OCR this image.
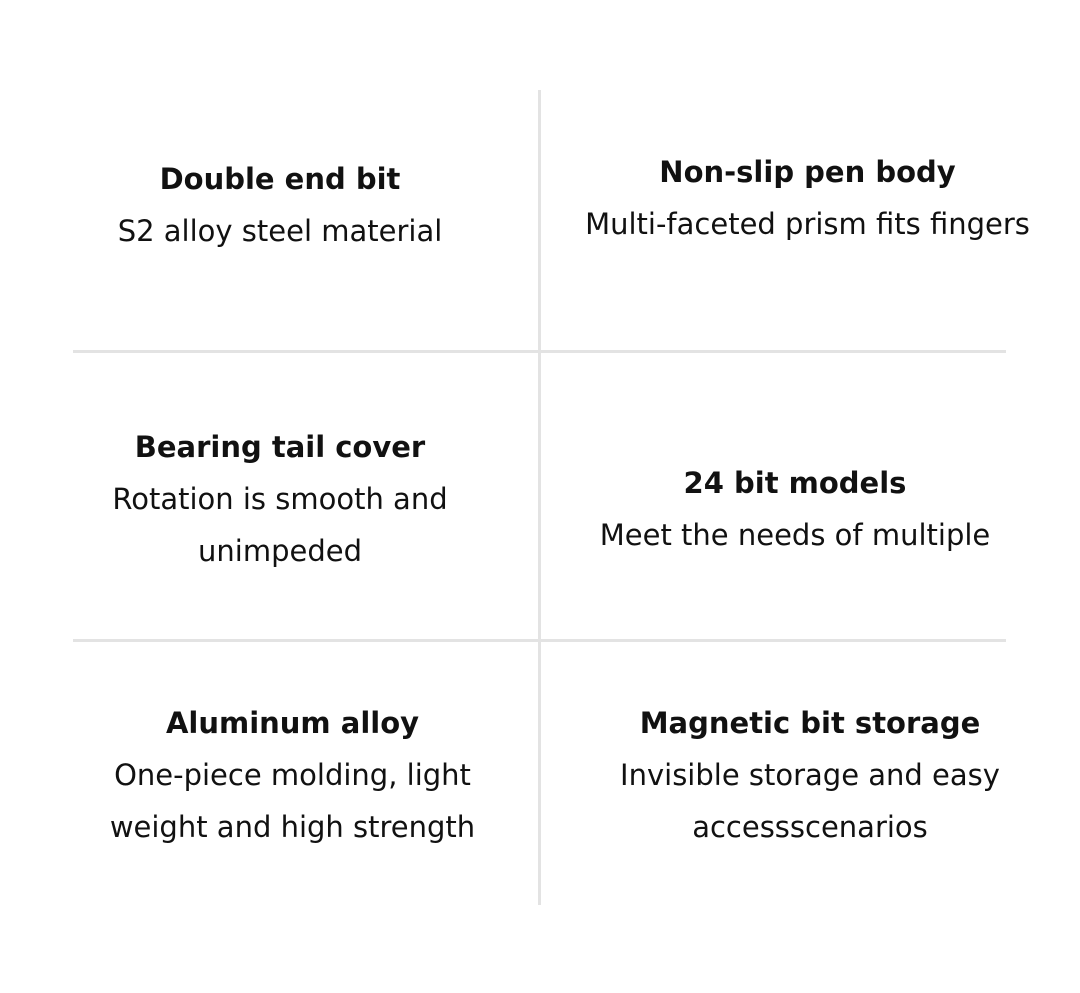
Double end bit
S2 alloy steel material
Non-slip pen body
Multi-faceted prism fits fingers
Bearing tail cover
Rotation is smooth and
unimpeded
24 bit models
Meet the needs of multiple
Aluminum alloy
One-piece molding, light
weight and high strength
Magnetic bit storage
Invisible storage and easy
accessscenarios
